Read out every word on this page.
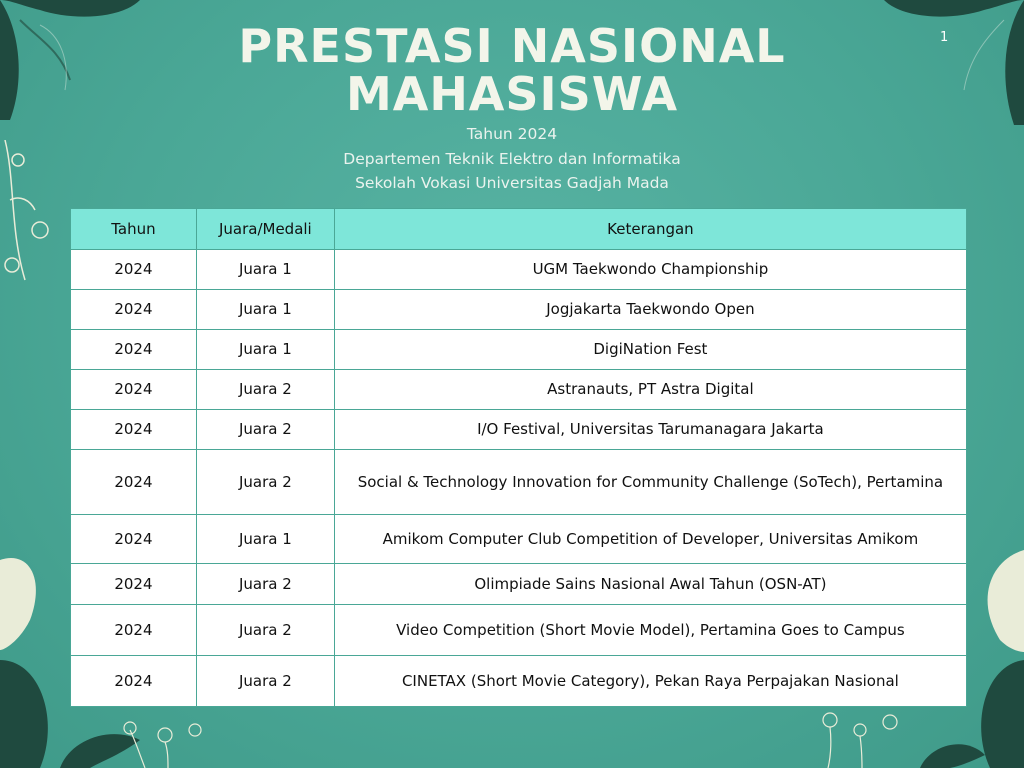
1
PRESTASI NASIONAL
MAHASISWA
Tahun 2024
Departemen Teknik Elektro dan Informatika
Sekolah Vokasi Universitas Gadjah Mada
Tahun	Juara/Medali	Keterangan
2024	Juara 1	UGM Taekwondo Championship
2024	Juara 1	Jogjakarta Taekwondo Open
2024	Juara 1	DigiNation Fest
2024	Juara 2	Astranauts, PT Astra Digital
2024	Juara 2	I/O Festival, Universitas Tarumanagara Jakarta
2024	Juara 2	Social & Technology Innovation for Community Challenge (SoTech), Pertamina
2024	Juara 1	Amikom Computer Club Competition of Developer, Universitas Amikom
2024	Juara 2	Olimpiade Sains Nasional Awal Tahun (OSN-AT)
2024	Juara 2	Video Competition (Short Movie Model), Pertamina Goes to Campus
2024	Juara 2	CINETAX (Short Movie Category), Pekan Raya Perpajakan Nasional
